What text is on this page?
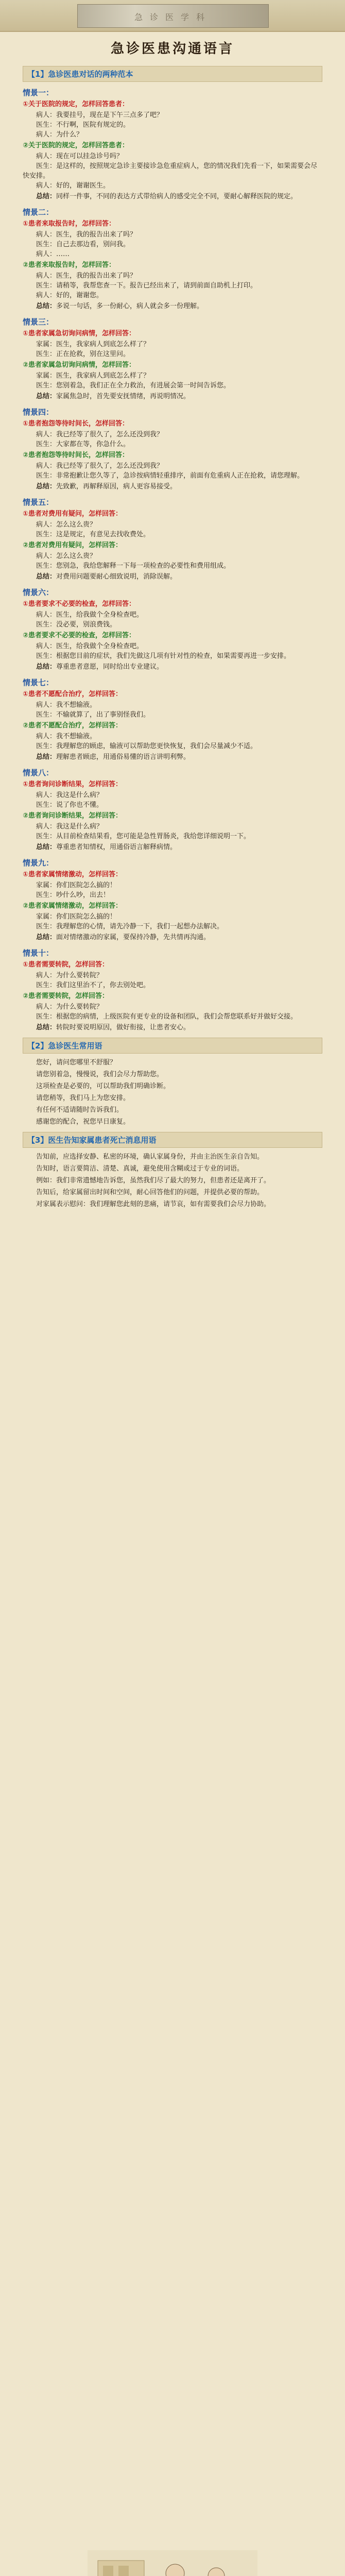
急诊医学科
急诊医患沟通语言
【1】急诊医患对话的两种范本
情景一：
①关于医院的规定，怎样回答患者：

病人：我要挂号，现在是下午三点多了吧？

医生：不行啊，医院有规定的。

病人：为什么？

②关于医院的规定，怎样回答患者：

病人：现在可以挂急诊号吗？

医生：是这样的，按照规定急诊主要接诊急危重症病人，您的情况我们先看一下，如果需要会尽快安排。

病人：好的，谢谢医生。

总结：同样一件事，不同的表达方式带给病人的感受完全不同，要耐心解释医院的规定。

情景二：
①患者来取报告时，怎样回答：

病人：医生，我的报告出来了吗？

医生：自己去那边看，别问我。

病人：……

②患者来取报告时，怎样回答：

病人：医生，我的报告出来了吗？

医生：请稍等，我帮您查一下。报告已经出来了，请到前面自助机上打印。

病人：好的，谢谢您。

总结：多说一句话，多一份耐心，病人就会多一份理解。

情景三：
①患者家属急切询问病情，怎样回答：

家属：医生，我家病人到底怎么样了？

医生：正在抢救，别在这里问。

②患者家属急切询问病情，怎样回答：

家属：医生，我家病人到底怎么样了？

医生：您别着急，我们正在全力救治，有进展会第一时间告诉您。

总结：家属焦急时，首先要安抚情绪，再说明情况。

情景四：
①患者抱怨等待时间长，怎样回答：

病人：我已经等了很久了，怎么还没到我？

医生：大家都在等，你急什么。

②患者抱怨等待时间长，怎样回答：

病人：我已经等了很久了，怎么还没到我？

医生：非常抱歉让您久等了，急诊按病情轻重排序，前面有危重病人正在抢救，请您理解。

总结：先致歉，再解释原因，病人更容易接受。

情景五：
①患者对费用有疑问，怎样回答：

病人：怎么这么贵？

医生：这是规定，有意见去找收费处。

②患者对费用有疑问，怎样回答：

病人：怎么这么贵？

医生：您别急，我给您解释一下每一项检查的必要性和费用组成。

总结：对费用问题要耐心细致说明，消除误解。

情景六：
①患者要求不必要的检查，怎样回答：

病人：医生，给我做个全身检查吧。

医生：没必要，别浪费钱。

②患者要求不必要的检查，怎样回答：

病人：医生，给我做个全身检查吧。

医生：根据您目前的症状，我们先做这几项有针对性的检查，如果需要再进一步安排。

总结：尊重患者意愿，同时给出专业建议。

情景七：
①患者不愿配合治疗，怎样回答：

病人：我不想输液。

医生：不输就算了，出了事别怪我们。

②患者不愿配合治疗，怎样回答：

病人：我不想输液。

医生：我理解您的顾虑，输液可以帮助您更快恢复，我们会尽量减少不适。

总结：理解患者顾虑，用通俗易懂的语言讲明利弊。

情景八：
①患者询问诊断结果，怎样回答：

病人：我这是什么病？

医生：说了你也不懂。

②患者询问诊断结果，怎样回答：

病人：我这是什么病？

医生：从目前检查结果看，您可能是急性胃肠炎，我给您详细说明一下。

总结：尊重患者知情权，用通俗语言解释病情。

情景九：
①患者家属情绪激动，怎样回答：

家属：你们医院怎么搞的！

医生：吵什么吵，出去！

②患者家属情绪激动，怎样回答：

家属：你们医院怎么搞的！

医生：我理解您的心情，请先冷静一下，我们一起想办法解决。

总结：面对情绪激动的家属，要保持冷静，先共情再沟通。

情景十：
①患者需要转院，怎样回答：

病人：为什么要转院？

医生：我们这里治不了，你去别处吧。

②患者需要转院，怎样回答：

病人：为什么要转院？

医生：根据您的病情，上级医院有更专业的设备和团队，我们会帮您联系好并做好交接。

总结：转院时要说明原因，做好衔接，让患者安心。

【2】急诊医生常用语

您好，请问您哪里不舒服？

请您别着急，慢慢说，我们会尽力帮助您。

这项检查是必要的，可以帮助我们明确诊断。

请您稍等，我们马上为您安排。

有任何不适请随时告诉我们。

感谢您的配合，祝您早日康复。

【3】医生告知家属患者死亡消息用语

告知前，应选择安静、私密的环境，确认家属身份，并由主治医生亲自告知。

告知时，语言要简洁、清楚、真诚，避免使用含糊或过于专业的词语。

例如：我们非常遗憾地告诉您，虽然我们尽了最大的努力，但患者还是离开了。

告知后，给家属留出时间和空间，耐心回答他们的问题，并提供必要的帮助。

对家属表示慰问：我们理解您此刻的悲痛，请节哀，如有需要我们会尽力协助。
